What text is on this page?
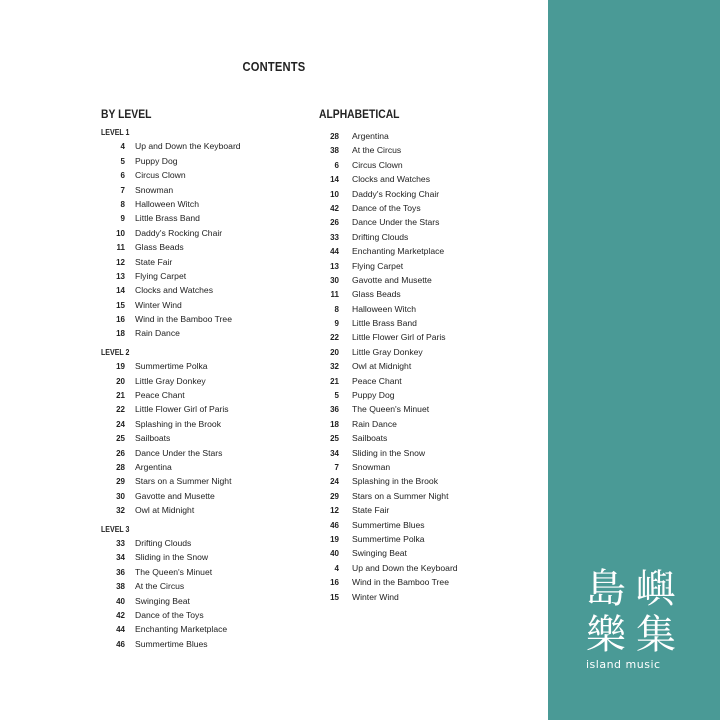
CONTENTS
BY LEVEL
LEVEL 1
4 Up and Down the Keyboard
5 Puppy Dog
6 Circus Clown
7 Snowman
8 Halloween Witch
9 Little Brass Band
10 Daddy's Rocking Chair
11 Glass Beads
12 State Fair
13 Flying Carpet
14 Clocks and Watches
15 Winter Wind
16 Wind in the Bamboo Tree
18 Rain Dance
LEVEL 2
19 Summertime Polka
20 Little Gray Donkey
21 Peace Chant
22 Little Flower Girl of Paris
24 Splashing in the Brook
25 Sailboats
26 Dance Under the Stars
28 Argentina
29 Stars on a Summer Night
30 Gavotte and Musette
32 Owl at Midnight
LEVEL 3
33 Drifting Clouds
34 Sliding in the Snow
36 The Queen's Minuet
38 At the Circus
40 Swinging Beat
42 Dance of the Toys
44 Enchanting Marketplace
46 Summertime Blues
ALPHABETICAL
28 Argentina
38 At the Circus
6 Circus Clown
14 Clocks and Watches
10 Daddy's Rocking Chair
42 Dance of the Toys
26 Dance Under the Stars
33 Drifting Clouds
44 Enchanting Marketplace
13 Flying Carpet
30 Gavotte and Musette
11 Glass Beads
8 Halloween Witch
9 Little Brass Band
22 Little Flower Girl of Paris
20 Little Gray Donkey
32 Owl at Midnight
21 Peace Chant
5 Puppy Dog
36 The Queen's Minuet
18 Rain Dance
25 Sailboats
34 Sliding in the Snow
7 Snowman
24 Splashing in the Brook
29 Stars on a Summer Night
12 State Fair
46 Summertime Blues
19 Summertime Polka
40 Swinging Beat
4 Up and Down the Keyboard
16 Wind in the Bamboo Tree
15 Winter Wind	島嶼
樂集
island music
